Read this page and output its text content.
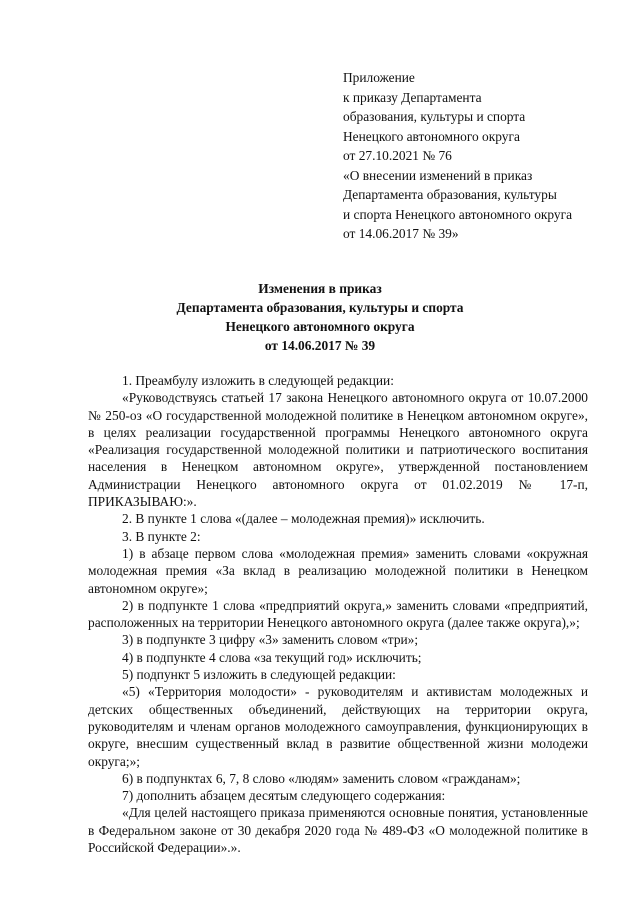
Приложение
к приказу Департамента
образования, культуры и спорта
Ненецкого автономного округа
от 27.10.2021 № 76
«О внесении изменений в приказ
Департамента образования, культуры
и спорта Ненецкого автономного округа
от 14.06.2017 № 39»
Изменения в приказ
Департамента образования, культуры и спорта
Ненецкого автономного округа
от 14.06.2017 № 39

1. Преамбулу изложить в следующей редакции:

«Руководствуясь статьей 17 закона Ненецкого автономного округа от 10.07.2000 № 250-оз «О государственной молодежной политике в Ненецком автономном округе», в целях реализации государственной программы Ненецкого автономного округа «Реализация государственной молодежной политики и патриотического воспитания населения в Ненецком автономном округе», утвержденной постановлением Администрации Ненецкого автономного округа от 01.02.2019 № 17-п, ПРИКАЗЫВАЮ:».

2. В пункте 1 слова «(далее – молодежная премия)» исключить.

3. В пункте 2:

1) в абзаце первом слова «молодежная премия» заменить словами «окружная молодежная премия «За вклад в реализацию молодежной политики в Ненецком автономном округе»;

2) в подпункте 1 слова «предприятий округа,» заменить словами «предприятий, расположенных на территории Ненецкого автономного округа (далее также округа),»;

3) в подпункте 3 цифру «3» заменить словом «три»;

4) в подпункте 4 слова «за текущий год» исключить;

5) подпункт 5 изложить в следующей редакции:

«5) «Территория молодости» - руководителям и активистам молодежных и детских общественных объединений, действующих на территории округа, руководителям и членам органов молодежного самоуправления, функционирующих в округе, внесшим существенный вклад в развитие общественной жизни молодежи округа;»;

6) в подпунктах 6, 7, 8 слово «людям» заменить словом «гражданам»;

7) дополнить абзацем десятым следующего содержания:

«Для целей настоящего приказа применяются основные понятия, установленные в Федеральном законе от 30 декабря 2020 года № 489-ФЗ «О молодежной политике в Российской Федерации».».
